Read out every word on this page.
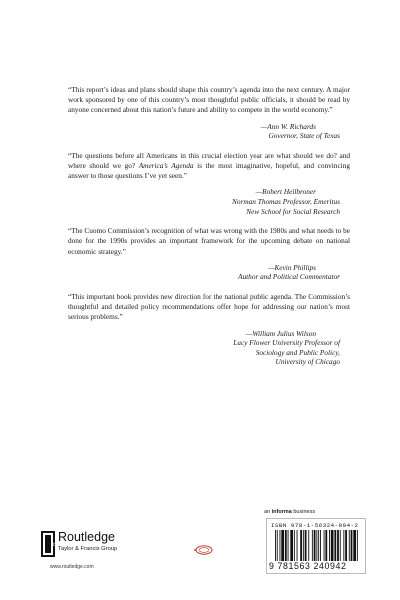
“This report’s ideas and plans should shape this country’s agenda into the next century. A major work sponsored by one of this country’s most thoughtful public officials, it should be read by anyone concerned about this nation’s future and ability to compete in the world economy.”

—Ann W. Richards
Governor, State of Texas

“The questions before all Americans in this crucial election year are what should we do? and where should we go? America’s Agenda is the most imaginative, hopeful, and convincing answer to those questions I’ve yet seen.”

—Robert Heilbroner
Norman Thomas Professor, Emeritus
New School for Social Research

“The Cuomo Commission’s recognition of what was wrong with the 1980s and what needs to be done for the 1990s provides an important framework for the upcoming debate on national economic strategy.”

—Kevin Phillips
Author and Political Commentator

“This important book provides new direction for the national public agenda. The Commission’s thoughtful and detailed policy recommendations offer hope for addressing our nation’s most serious problems.”

—William Julius Wilson
Lucy Flower University Professor of
Sociology and Public Policy,
University of Chicago
an informa business
ISBN 978-1-56324-094-2
9 781563 240942
R Routledge
Taylor & Francis Group
www.routledge.com
